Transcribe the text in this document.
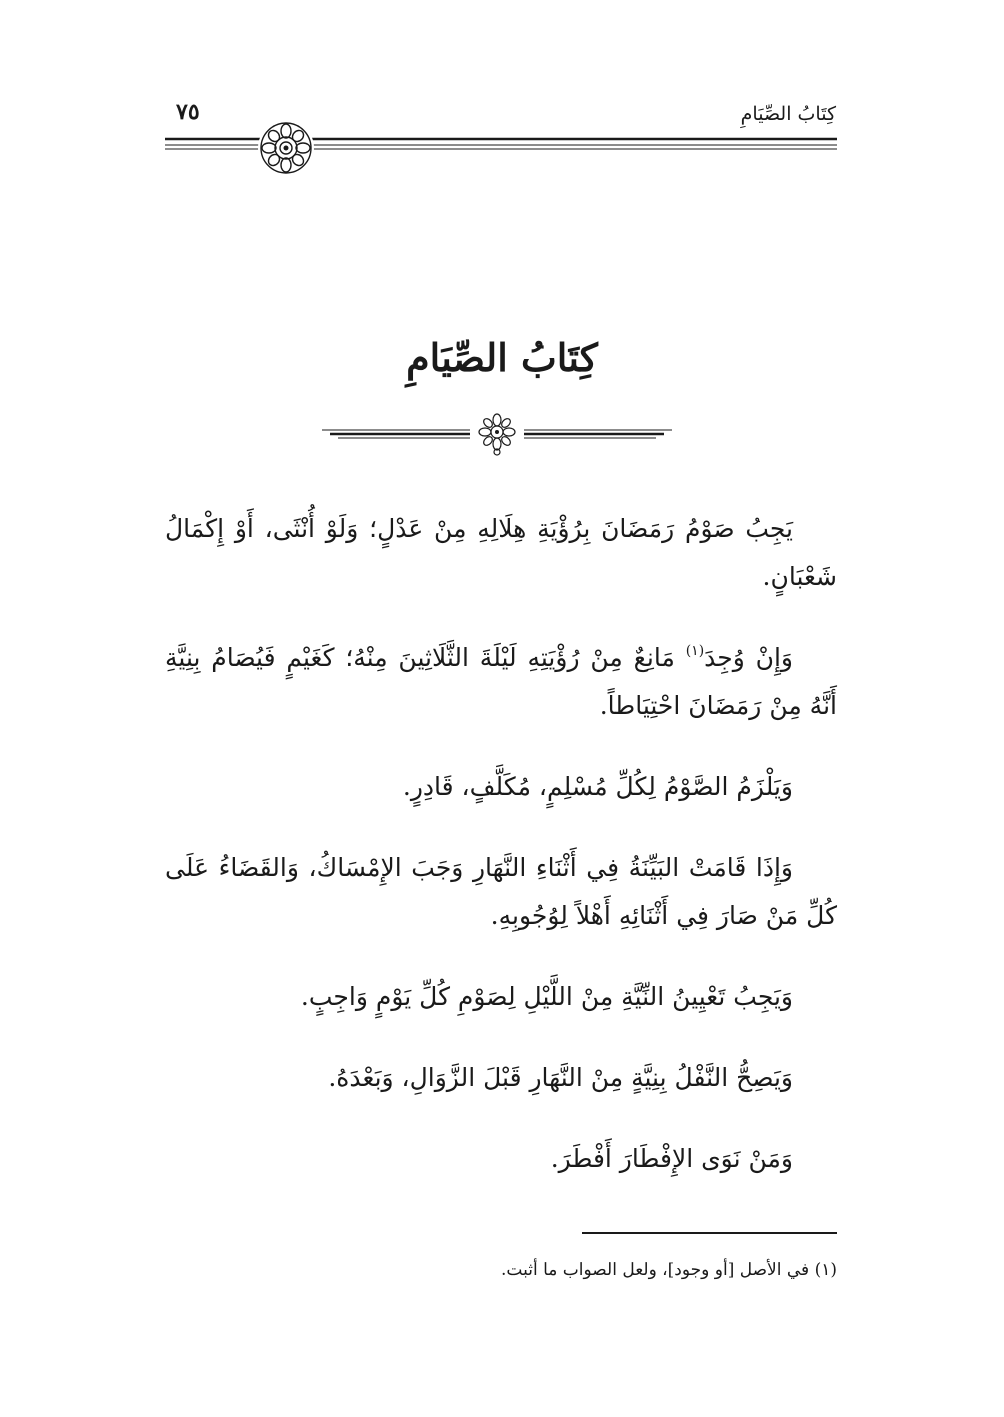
كِتَابُ الصِّيَامِ
٧٥
كِتَابُ الصِّيَامِ

يَجِبُ صَوْمُ رَمَضَانَ بِرُؤْيَةِ هِلَالِهِ مِنْ عَدْلٍ؛ وَلَوْ أُنْثَى، أَوْ إِكْمَالُ شَعْبَانٍ.

وَإِنْ وُجِدَ$^{(١)}$ مَانِعٌ مِنْ رُؤْيَتِهِ لَيْلَةَ الثَّلَاثِينَ مِنْهُ؛ كَغَيْمٍ فَيُصَامُ بِنِيَّةِ أَنَّهُ مِنْ رَمَضَانَ احْتِيَاطاً.

وَيَلْزَمُ الصَّوْمُ لِكُلِّ مُسْلِمٍ، مُكَلَّفٍ، قَادِرٍ.

وَإِذَا قَامَتْ البَيِّنَةُ فِي أَثْنَاءِ النَّهَارِ وَجَبَ الإِمْسَاكُ، وَالقَضَاءُ عَلَى كُلِّ مَنْ صَارَ فِي أَثْنَائِهِ أَهْلاً لِوُجُوبِهِ.

وَيَجِبُ تَعْيِينُ النِّيَّةِ مِنْ اللَّيْلِ لِصَوْمِ كُلِّ يَوْمٍ وَاجِبٍ.

وَيَصِحُّ النَّفْلُ بِنِيَّةٍ مِنْ النَّهَارِ قَبْلَ الزَّوَالِ، وَبَعْدَهُ.

وَمَنْ نَوَى الإِفْطَارَ أَفْطَرَ.

(١) في الأصل [أو وجود]، ولعل الصواب ما أثبت.
